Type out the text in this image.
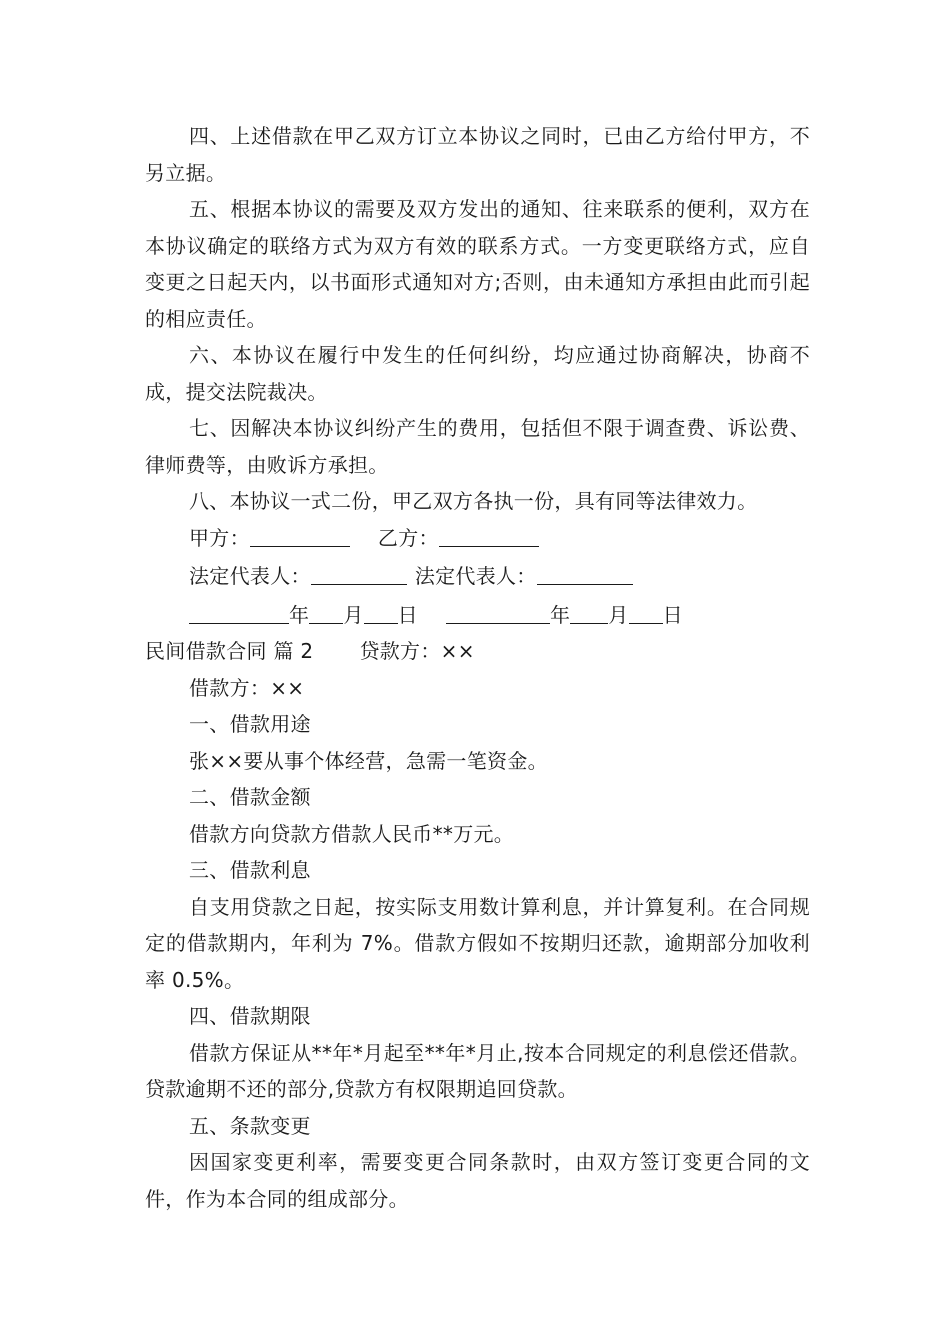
四、上述借款在甲乙双方订立本协议之同时，已由乙方给付甲方，不另立据。

五、根据本协议的需要及双方发出的通知、往来联系的便利，双方在本协议确定的联络方式为双方有效的联系方式。一方变更联络方式，应自变更之日起天内，以书面形式通知对方;否则，由未通知方承担由此而引起的相应责任。

六、本协议在履行中发生的任何纠纷，均应通过协商解决，协商不成，提交法院裁决。

七、因解决本协议纠纷产生的费用，包括但不限于调查费、诉讼费、律师费等，由败诉方承担。

八、本协议一式二份，甲乙双方各执一份，具有同等法律效力。

甲方：	乙方：
法定代表人：	法定代表人：
年 月 日	年 月 日
民间借款合同 篇 2 贷款方：××
借款方：××
一、借款用途
张××要从事个体经营，急需一笔资金。
二、借款金额
借款方向贷款方借款人民币**万元。
三、借款利息

自支用贷款之日起，按实际支用数计算利息，并计算复利。在合同规定的借款期内，年利为 7%。借款方假如不按期归还款，逾期部分加收利率 0.5%。

四、借款期限

借款方保证从**年*月起至**年*月止,按本合同规定的利息偿还借款。贷款逾期不还的部分,贷款方有权限期追回贷款。

五、条款变更

因国家变更利率，需要变更合同条款时，由双方签订变更合同的文件，作为本合同的组成部分。
